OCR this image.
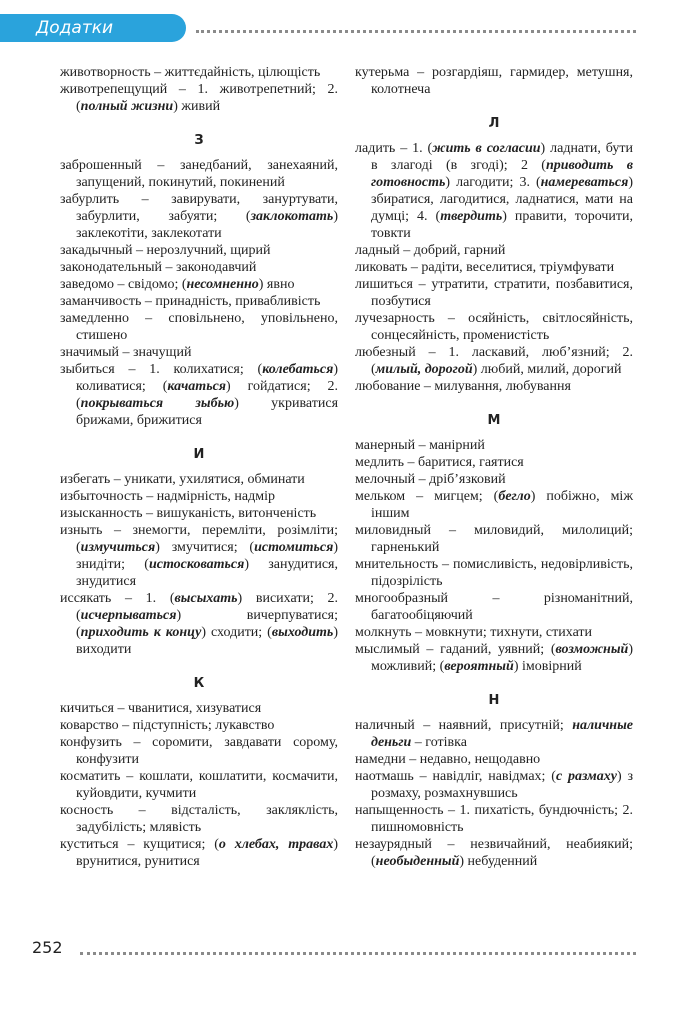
Додатки

животворность – життєдайність, цілющість

животрепещущий – 1. животрепетний; 2. (полный жизни) живий

З

заброшенный – занедбаний, занехаяний, запущений, покинутий, покинений

забурлить – завирувати, зануртувати, забурлити, забуяти; (заклокотать) заклекотіти, заклекотати

закадычный – нерозлучний, щирий

законодательный – законодавчий

заведомо – свідомо; (несомненно) явно

заманчивость – принадність, привабливість

замедленно – сповільнено, уповільнено, стишено

значимый – значущий

зыбиться – 1. колихатися; (колебаться) коливатися; (качаться) гойдатися; 2. (покрываться зыбью) укриватися брижами, брижитися

И

избегать – уникати, ухилятися, обминати

избыточность – надмірність, надмір

изысканность – вишуканість, витонченість

изныть – знемогти, перемліти, розімліти; (измучиться) змучитися; (истомиться) знидіти; (истосковаться) занудитися, знудитися

иссякать – 1. (высыхать) висихати; 2. (исчерпываться) вичерпуватися; (приходить к концу) сходити; (выходить) виходити

К

кичиться – чванитися, хизуватися

коварство – підступність; лукавство

конфузить – соромити, завдавати сорому, конфузити

косматить – кошлати, кошлатити, космачити, куйовдити, кучмити

косность – відсталість, закляклість, задубілість; млявість

куститься – кущитися; (о хлебах, травах) врунитися, рунитися

кутерьма – розгардіяш, гармидер, метушня, колотнеча

Л

ладить – 1. (жить в согласии) ладнати, бути в злагоді (в згоді); 2 (приводить в готовность) лагодити; 3. (намереваться) збиратися, лагодитися, ладнатися, мати на думці; 4. (твердить) правити, торочити, товкти

ладный – добрий, гарний

ликовать – радіти, веселитися, тріумфувати

лишиться – утратити, стратити, позбавитися, позбутися

лучезарность – осяйність, світлосяйність, сонцесяйність, променистість

любезный – 1. ласкавий, люб’язний; 2. (милый, дорогой) любий, милий, дорогий

любование – милування, любування

М

манерный – манірний

медлить – баритися, гаятися

мелочный – дріб’язковий

мельком – мигцем; (бегло) побіжно, між іншим

миловидный – миловидий, милолиций; гарненький

мнительность – помисливість, недовірливість, підозрілість

многообразный – різноманітний, багатообіцяючий

молкнуть – мовкнути; тихнути, стихати

мыслимый – гаданий, уявний; (возможный) можливий; (вероятный) імовірний

Н

наличный – наявний, присутній; наличные деньги – готівка

намедни – недавно, нещодавно

наотмашь – навідліг, навідмах; (с размаху) з розмаху, розмахнувшись

напыщенность – 1. пихатість, бундючність; 2. пишномовність

незаурядный – незвичайний, неабиякий; (необыденный) небуденний

252
